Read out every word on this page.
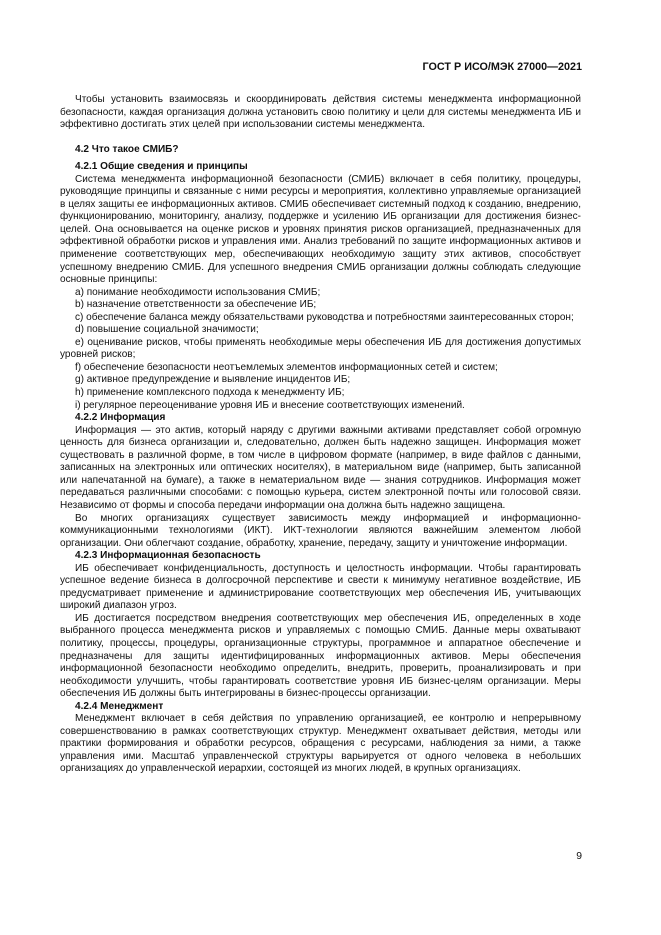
ГОСТ Р ИСО/МЭК 27000—2021

Чтобы установить взаимосвязь и скоординировать действия системы менеджмента информационной безопасности, каждая организация должна установить свою политику и цели для системы менеджмента ИБ и эффективно достигать этих целей при использовании системы менеджмента.

4.2 Что такое СМИБ?
4.2.1 Общие сведения и принципы

Система менеджмента информационной безопасности (СМИБ) включает в себя политику, процедуры, руководящие принципы и связанные с ними ресурсы и мероприятия, коллективно управляемые организацией в целях защиты ее информационных активов. СМИБ обеспечивает системный подход к созданию, внедрению, функционированию, мониторингу, анализу, поддержке и усилению ИБ организации для достижения бизнес-целей. Она основывается на оценке рисков и уровнях принятия рисков организацией, предназначенных для эффективной обработки рисков и управления ими. Анализ требований по защите информационных активов и применение соответствующих мер, обеспечивающих необходимую защиту этих активов, способствует успешному внедрению СМИБ. Для успешного внедрения СМИБ организации должны соблюдать следующие основные принципы:

a) понимание необходимости использования СМИБ;
b) назначение ответственности за обеспечение ИБ;
c) обеспечение баланса между обязательствами руководства и потребностями заинтересованных сторон;
d) повышение социальной значимости;
e) оценивание рисков, чтобы применять необходимые меры обеспечения ИБ для достижения допустимых уровней рисков;
f) обеспечение безопасности неотъемлемых элементов информационных сетей и систем;
g) активное предупреждение и выявление инцидентов ИБ;
h) применение комплексного подхода к менеджменту ИБ;
i) регулярное переоценивание уровня ИБ и внесение соответствующих изменений.
4.2.2 Информация

Информация — это актив, который наряду с другими важными активами представляет собой огромную ценность для бизнеса организации и, следовательно, должен быть надежно защищен. Информация может существовать в различной форме, в том числе в цифровом формате (например, в виде файлов с данными, записанных на электронных или оптических носителях), в материальном виде (например, быть записанной или напечатанной на бумаге), а также в нематериальном виде — знания сотрудников. Информация может передаваться различными способами: с помощью курьера, систем электронной почты или голосовой связи. Независимо от формы и способа передачи информации она должна быть надежно защищена.

Во многих организациях существует зависимость между информацией и информационно-коммуникационными технологиями (ИКТ). ИКТ-технологии являются важнейшим элементом любой организации. Они облегчают создание, обработку, хранение, передачу, защиту и уничтожение информации.

4.2.3 Информационная безопасность

ИБ обеспечивает конфиденциальность, доступность и целостность информации. Чтобы гарантировать успешное ведение бизнеса в долгосрочной перспективе и свести к минимуму негативное воздействие, ИБ предусматривает применение и администрирование соответствующих мер обеспечения ИБ, учитывающих широкий диапазон угроз.

ИБ достигается посредством внедрения соответствующих мер обеспечения ИБ, определенных в ходе выбранного процесса менеджмента рисков и управляемых с помощью СМИБ. Данные меры охватывают политику, процессы, процедуры, организационные структуры, программное и аппаратное обеспечение и предназначены для защиты идентифицированных информационных активов. Меры обеспечения информационной безопасности необходимо определить, внедрить, проверить, проанализировать и при необходимости улучшить, чтобы гарантировать соответствие уровня ИБ бизнес-целям организации. Меры обеспечения ИБ должны быть интегрированы в бизнес-процессы организации.

4.2.4 Менеджмент

Менеджмент включает в себя действия по управлению организацией, ее контролю и непрерывному совершенствованию в рамках соответствующих структур. Менеджмент охватывает действия, методы или практики формирования и обработки ресурсов, обращения с ресурсами, наблюдения за ними, а также управления ими. Масштаб управленческой структуры варьируется от одного человека в небольших организациях до управленческой иерархии, состоящей из многих людей, в крупных организациях.

9
